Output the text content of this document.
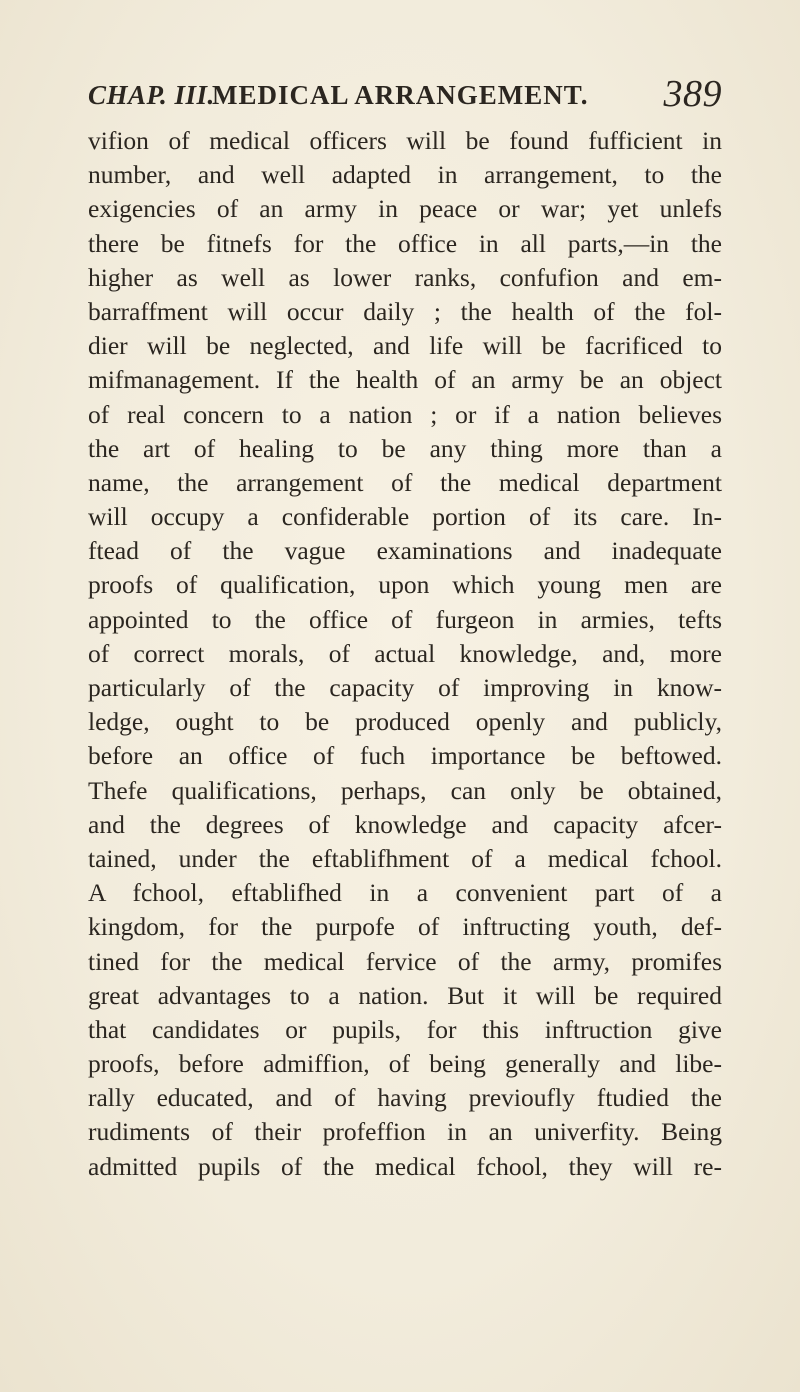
CHAP. III.
MEDICAL ARRANGEMENT. 389
vifion of medical officers will be found fufficient in
number, and well adapted in arrangement, to the
exigencies of an army in peace or war; yet unlefs
there be fitnefs for the office in all parts,—in the
higher as well as lower ranks, confufion and em-
barraffment will occur daily ; the health of the fol-
dier will be neglected, and life will be facrificed to
mifmanagement. If the health of an army be an object
of real concern to a nation ; or if a nation believes
the art of healing to be any thing more than a
name, the arrangement of the medical department
will occupy a confiderable portion of its care. In-
ftead of the vague examinations and inadequate
proofs of qualification, upon which young men are
appointed to the office of furgeon in armies, tefts
of correct morals, of actual knowledge, and, more
particularly of the capacity of improving in know-
ledge, ought to be produced openly and publicly,
before an office of fuch importance be beftowed.
Thefe qualifications, perhaps, can only be obtained,
and the degrees of knowledge and capacity afcer-
tained, under the eftablifhment of a medical fchool.
A fchool, eftablifhed in a convenient part of a
kingdom, for the purpofe of inftructing youth, def-
tined for the medical fervice of the army, promifes
great advantages to a nation. But it will be required
that candidates or pupils, for this inftruction give
proofs, before admiffion, of being generally and libe-
rally educated, and of having previoufly ftudied the
rudiments of their profeffion in an univerfity. Being
admitted pupils of the medical fchool, they will re-
